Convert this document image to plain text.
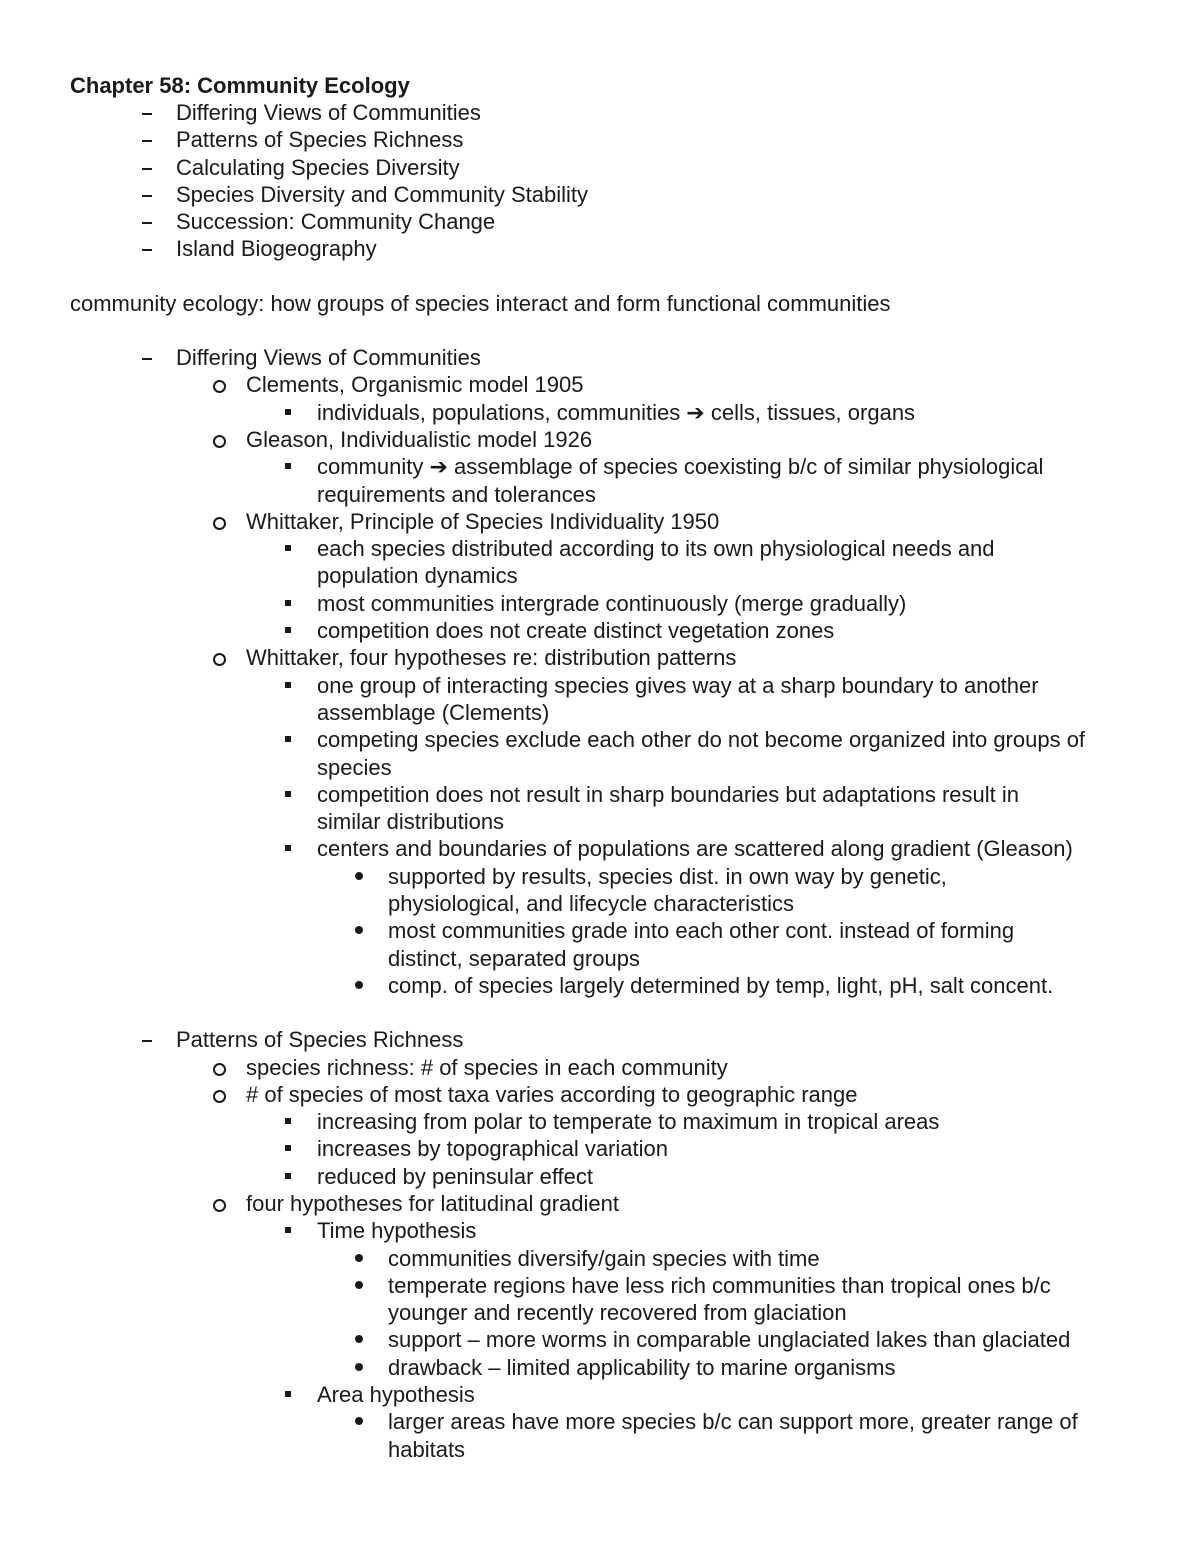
Chapter 58: Community Ecology
Differing Views of Communities
Patterns of Species Richness
Calculating Species Diversity
Species Diversity and Community Stability
Succession: Community Change
Island Biogeography
community ecology: how groups of species interact and form functional communities
Differing Views of Communities
Clements, Organismic model 1905
individuals, populations, communities ➔ cells, tissues, organs
Gleason, Individualistic model 1926
community ➔ assemblage of species coexisting b/c of similar physiological requirements and tolerances
Whittaker, Principle of Species Individuality 1950
each species distributed according to its own physiological needs and population dynamics
most communities intergrade continuously (merge gradually)
competition does not create distinct vegetation zones
Whittaker, four hypotheses re: distribution patterns
one group of interacting species gives way at a sharp boundary to another assemblage (Clements)
competing species exclude each other do not become organized into groups of species
competition does not result in sharp boundaries but adaptations result in similar distributions
centers and boundaries of populations are scattered along gradient (Gleason)
supported by results, species dist. in own way by genetic, physiological, and lifecycle characteristics
most communities grade into each other cont. instead of forming distinct, separated groups
comp. of species largely determined by temp, light, pH, salt concent.
Patterns of Species Richness
species richness: # of species in each community
# of species of most taxa varies according to geographic range
increasing from polar to temperate to maximum in tropical areas
increases by topographical variation
reduced by peninsular effect
four hypotheses for latitudinal gradient
Time hypothesis
communities diversify/gain species with time
temperate regions have less rich communities than tropical ones b/c younger and recently recovered from glaciation
support – more worms in comparable unglaciated lakes than glaciated
drawback – limited applicability to marine organisms
Area hypothesis
larger areas have more species b/c can support more, greater range of habitats
